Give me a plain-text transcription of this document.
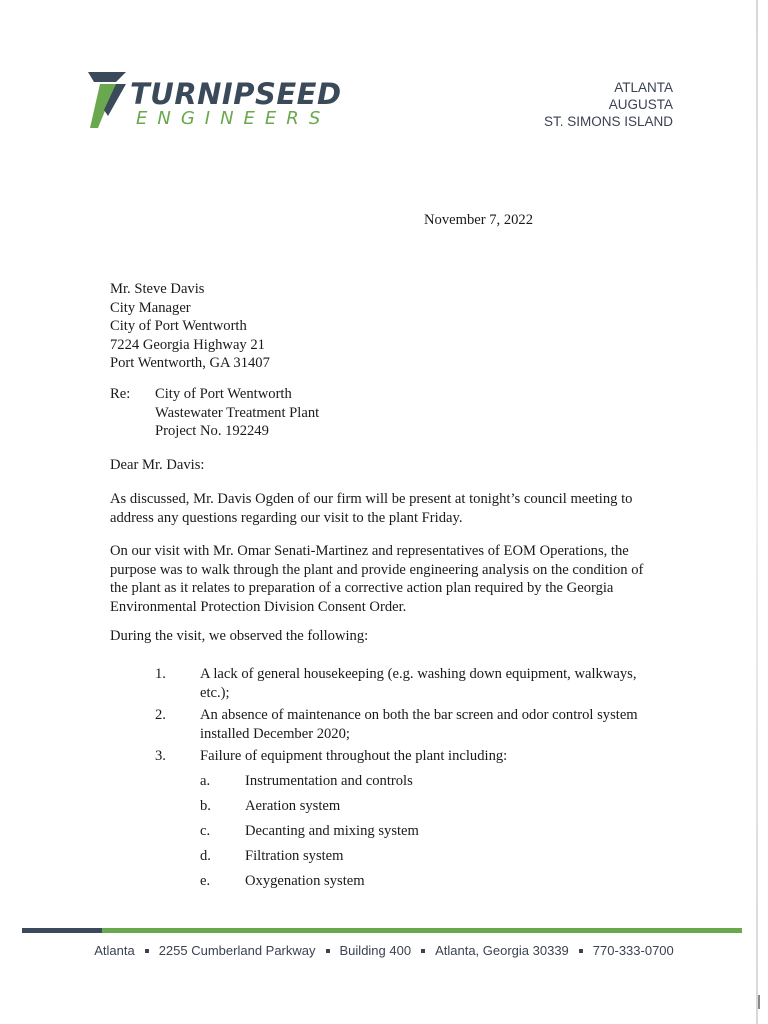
TURNIPSEED
ENGINEERS
ATLANTA
AUGUSTA
ST. SIMONS ISLAND
November 7, 2022
Mr. Steve Davis
City Manager
City of Port Wentworth
7224 Georgia Highway 21
Port Wentworth, GA 31407
Re: City of Port Wentworth
Wastewater Treatment Plant
Project No. 192249
Dear Mr. Davis:
As discussed, Mr. Davis Ogden of our firm will be present at tonight’s council meeting to address any questions regarding our visit to the plant Friday.
On our visit with Mr. Omar Senati-Martinez and representatives of EOM Operations, the purpose was to walk through the plant and provide engineering analysis on the condition of the plant as it relates to preparation of a corrective action plan required by the Georgia Environmental Protection Division Consent Order.
During the visit, we observed the following:
1. A lack of general housekeeping (e.g. washing down equipment, walkways, etc.);
2. An absence of maintenance on both the bar screen and odor control system installed December 2020;
3. Failure of equipment throughout the plant including:
a. Instrumentation and controls
b. Aeration system
c. Decanting and mixing system
d. Filtration system
e. Oxygenation system
Atlanta 2255 Cumberland Parkway Building 400 Atlanta, Georgia 30339 770-333-0700
